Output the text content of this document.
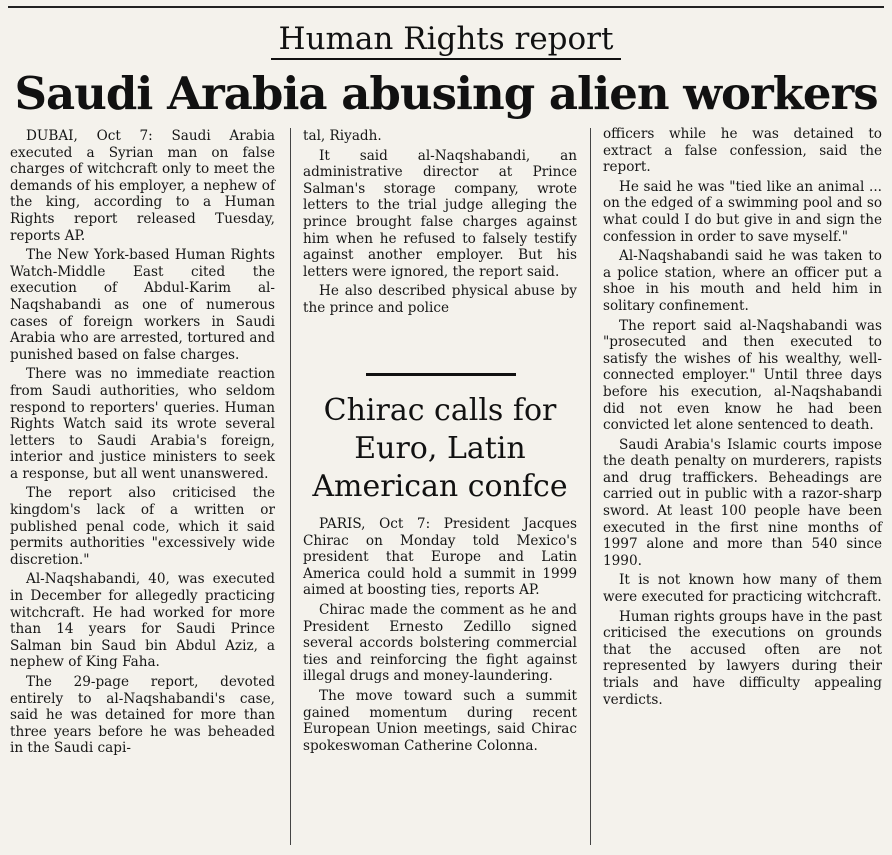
Human Rights report
Saudi Arabia abusing alien workers

DUBAI, Oct 7: Saudi Arabia executed a Syrian man on false charges of witchcraft only to meet the demands of his employer, a nephew of the king, according to a Human Rights report released Tuesday, reports AP.

The New York-based Human Rights Watch-Middle East cited the execution of Abdul-Karim al-Naqshabandi as one of numerous cases of foreign workers in Saudi Arabia who are arrested, tortured and punished based on false charges.

There was no immediate reaction from Saudi authorities, who seldom respond to reporters' queries. Human Rights Watch said its wrote several letters to Saudi Arabia's foreign, interior and justice ministers to seek a response, but all went unanswered.

The report also criticised the kingdom's lack of a written or published penal code, which it said permits authorities "excessively wide discretion."

Al-Naqshabandi, 40, was executed in December for allegedly practicing witchcraft. He had worked for more than 14 years for Saudi Prince Salman bin Saud bin Abdul Aziz, a nephew of King Faha.

The 29-page report, devoted entirely to al-Naqshabandi's case, said he was detained for more than three years before he was beheaded in the Saudi capi-

tal, Riyadh.

It said al-Naqshabandi, an administrative director at Prince Salman's storage company, wrote letters to the trial judge alleging the prince brought false charges against him when he refused to falsely testify against another employer. But his letters were ignored, the report said.

He also described physical abuse by the prince and police

Chirac calls for Euro, Latin American confce

PARIS, Oct 7: President Jacques Chirac on Monday told Mexico's president that Europe and Latin America could hold a summit in 1999 aimed at boosting ties, reports AP.

Chirac made the comment as he and President Ernesto Zedillo signed several accords bolstering commercial ties and reinforcing the fight against illegal drugs and money-laundering.

The move toward such a summit gained momentum during recent European Union meetings, said Chirac spokeswoman Catherine Colonna.

officers while he was detained to extract a false confession, said the report.

He said he was "tied like an animal ... on the edged of a swimming pool and so what could I do but give in and sign the confession in order to save myself."

Al-Naqshabandi said he was taken to a police station, where an officer put a shoe in his mouth and held him in solitary confinement.

The report said al-Naqshabandi was "prosecuted and then executed to satisfy the wishes of his wealthy, well-connected employer." Until three days before his execution, al-Naqshabandi did not even know he had been convicted let alone sentenced to death.

Saudi Arabia's Islamic courts impose the death penalty on murderers, rapists and drug traffickers. Beheadings are carried out in public with a razor-sharp sword. At least 100 people have been executed in the first nine months of 1997 alone and more than 540 since 1990.

It is not known how many of them were executed for practicing witchcraft.

Human rights groups have in the past criticised the executions on grounds that the accused often are not represented by lawyers during their trials and have difficulty appealing verdicts.
